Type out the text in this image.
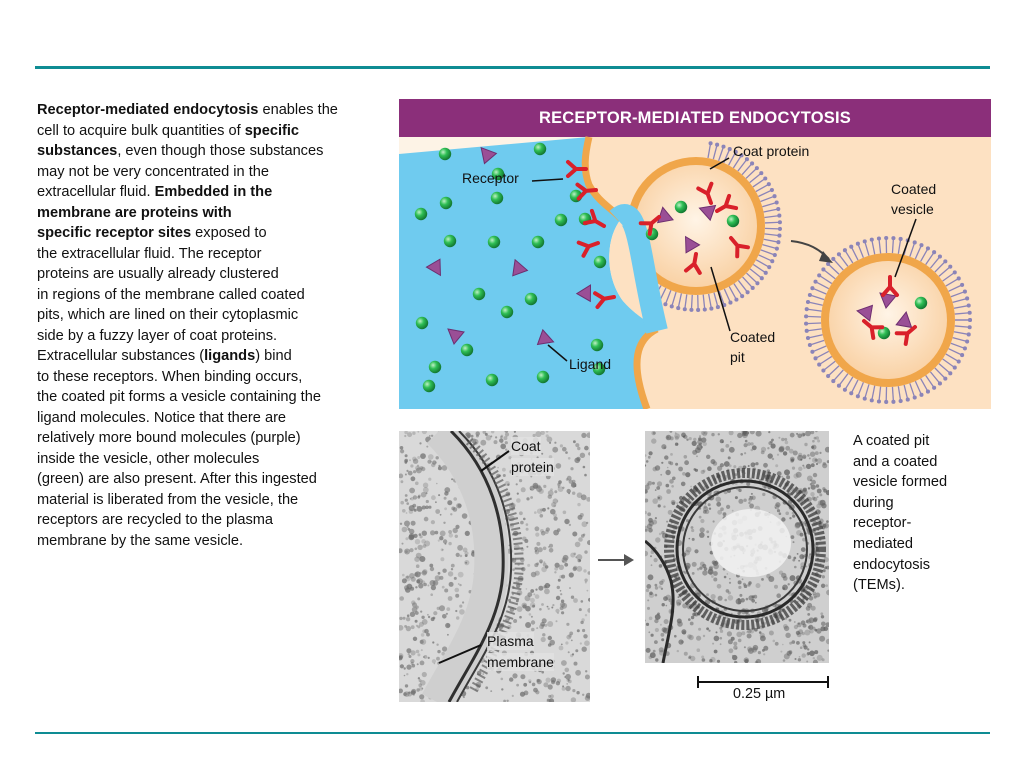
Receptor-mediated endocytosis enables the
cell to acquire bulk quantities of specific
substances, even though those substances
may not be very concentrated in the
extracellular fluid. Embedded in the
membrane are proteins with
specific receptor sites exposed to
the extracellular fluid. The receptor
proteins are usually already clustered
in regions of the membrane called coated
pits, which are lined on their cytoplasmic
side by a fuzzy layer of coat proteins.
Extracellular substances (ligands) bind
to these receptors. When binding occurs,
the coated pit forms a vesicle containing the
ligand molecules. Notice that there are
relatively more bound molecules (purple)
inside the vesicle, other molecules
(green) are also present. After this ingested
material is liberated from the vesicle, the
receptors are recycled to the plasma
membrane by the same vesicle.
RECEPTOR-MEDIATED ENDOCYTOSIS
Coat protein
Receptor
Coated
vesicle
Coated
pit
Ligand
Coat
protein
Plasma
membrane
A coated pit
and a coated
vesicle formed
during
receptor-
mediated
endocytosis
(TEMs).
0.25 µm
